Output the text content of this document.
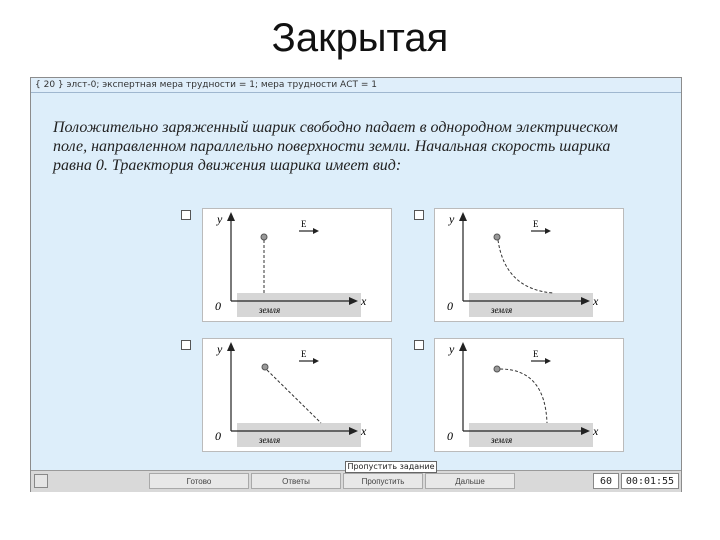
Закрытая
{ 20 } элст-0; экспертная мера трудности = 1; мера трудности АСТ = 1
Положительно заряженный шарик свободно падает в однородном электрическом поле, направленном параллельно поверхности земли. Начальная скорость шарика равна 0. Траектория движения шарика имеет вид:
y
x
0
E
земля
y
x
0
E
земля
y
x
0
E
земля
y
x
0
E
земля
Готово	Ответы	Пропустить	Дальше	60	00:01:55
Пропустить задание
